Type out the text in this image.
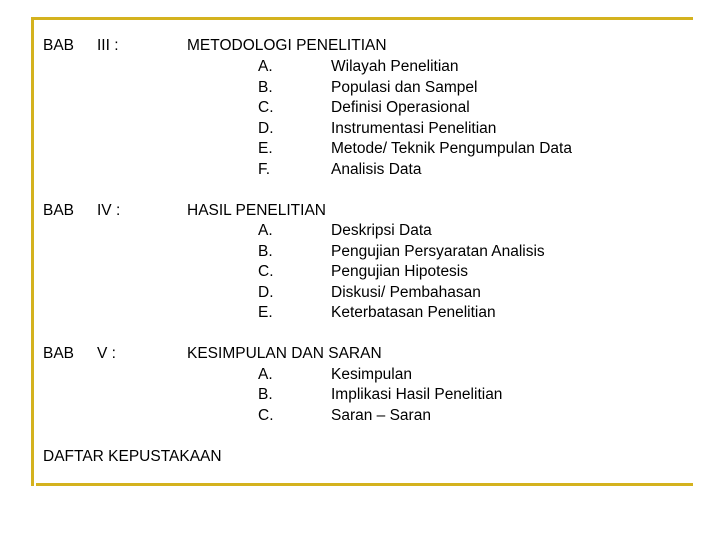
BAB III :	METODOLOGI PENELITIAN
A.	Wilayah Penelitian
B.	Populasi dan Sampel
C.	Definisi Operasional
D.	Instrumentasi Penelitian
E.	Metode/ Teknik Pengumpulan Data
F.	Analisis Data
BAB IV :	HASIL PENELITIAN
A.	Deskripsi Data
B.	Pengujian Persyaratan Analisis
C.	Pengujian Hipotesis
D.	Diskusi/ Pembahasan
E.	Keterbatasan Penelitian
BAB V :	KESIMPULAN DAN SARAN
A.	Kesimpulan
B.	Implikasi Hasil Penelitian
C.	Saran – Saran
DAFTAR KEPUSTAKAAN
